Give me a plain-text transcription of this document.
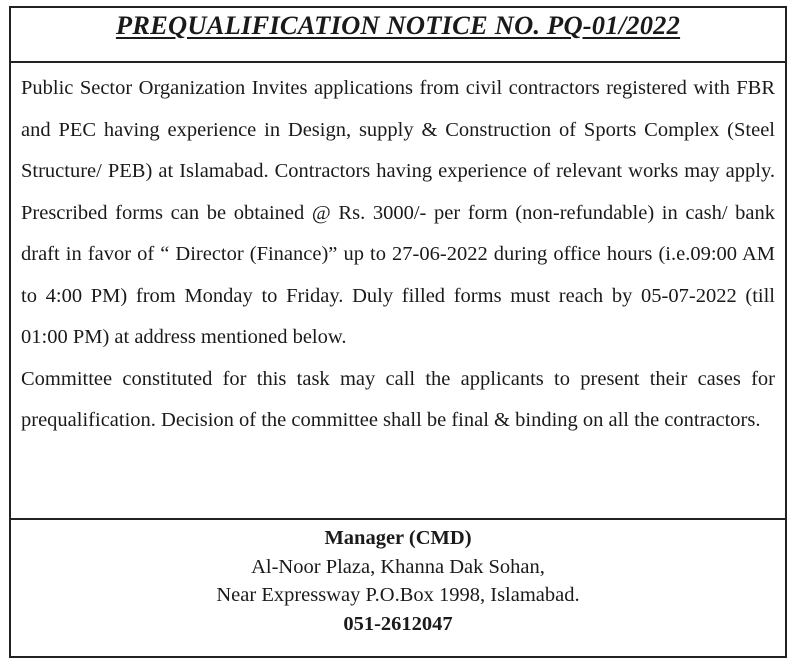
PREQUALIFICATION NOTICE NO. PQ-01/2022

Public Sector Organization Invites applications from civil contractors registered with FBR and PEC having experience in Design, supply & Construction of Sports Complex (Steel Structure/ PEB) at Islamabad. Contractors having experience of relevant works may apply. Prescribed forms can be obtained @ Rs. 3000/- per form (non-refundable) in cash/ bank draft in favor of “ Director (Finance)” up to 27-06-2022 during office hours (i.e.09:00 AM to 4:00 PM) from Monday to Friday. Duly filled forms must reach by 05-07-2022 (till 01:00 PM) at address mentioned below.

Committee constituted for this task may call the applicants to present their cases for prequalification. Decision of the committee shall be final & binding on all the contractors.

Manager (CMD)
Al-Noor Plaza, Khanna Dak Sohan,
Near Expressway P.O.Box 1998, Islamabad.
051-2612047
